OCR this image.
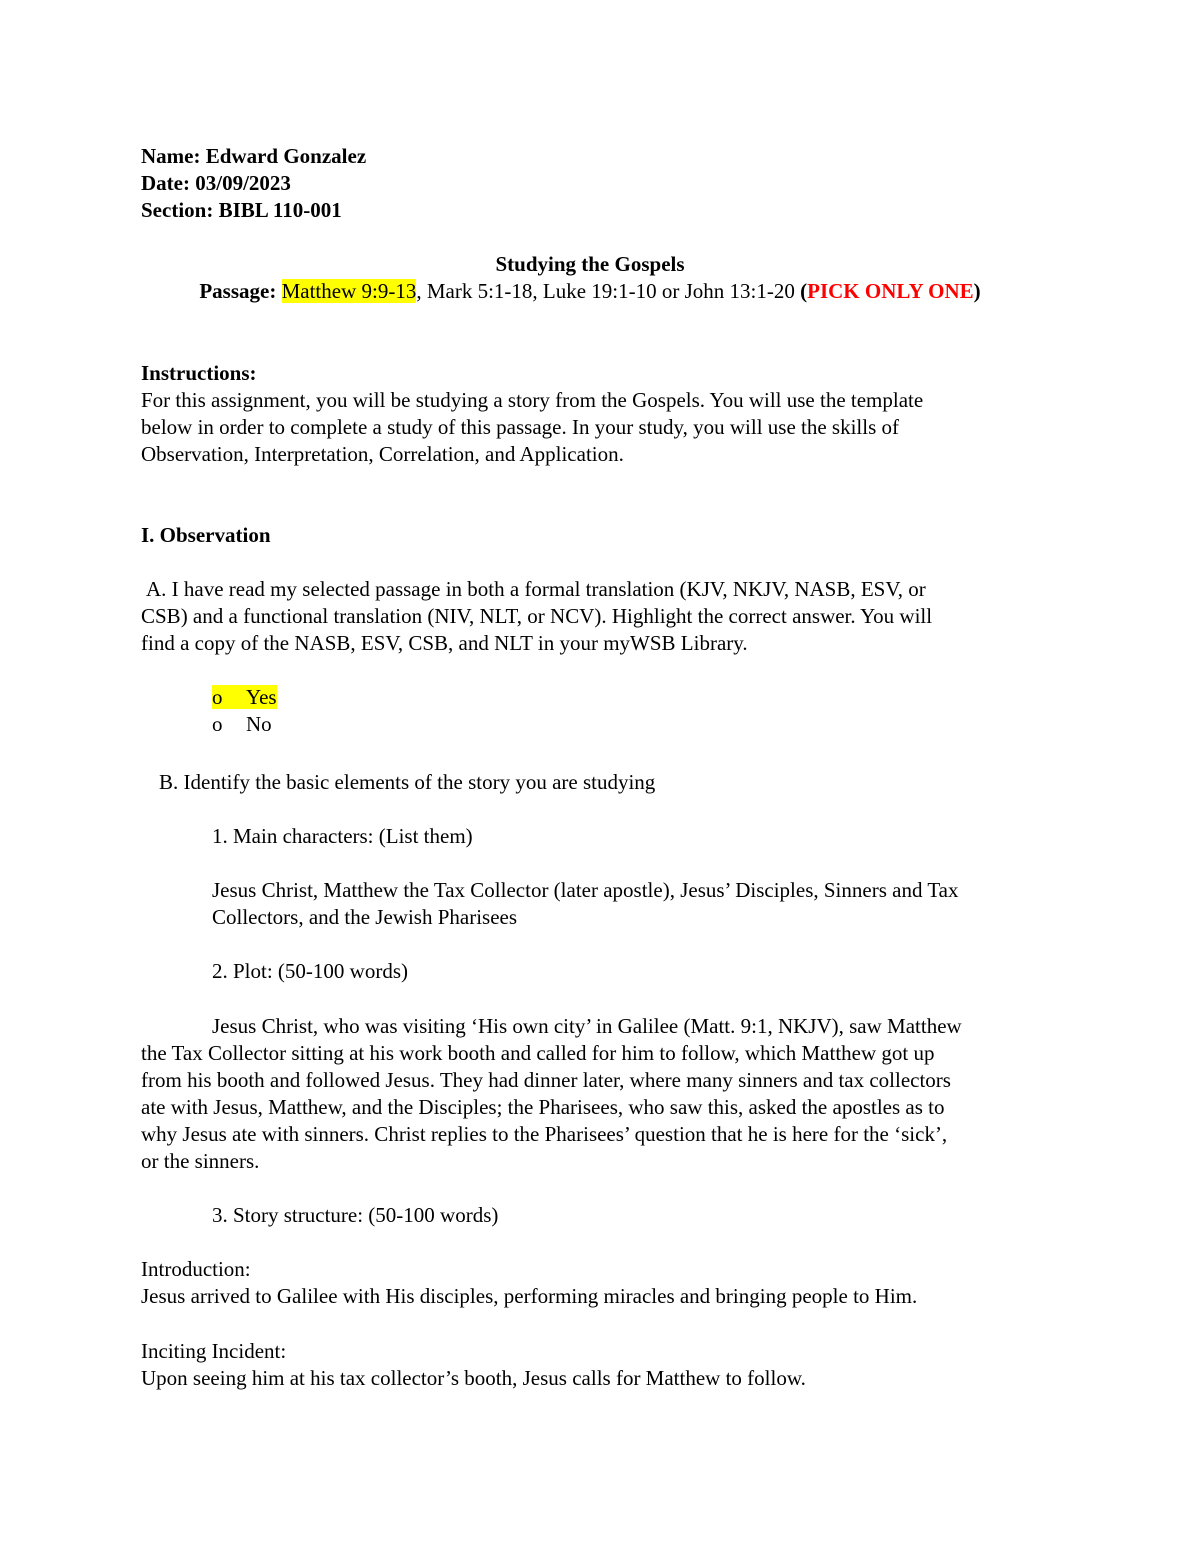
Name: Edward Gonzalez
Date: 03/09/2023
Section: BIBL 110-001
Studying the Gospels
Passage: Matthew 9:9-13, Mark 5:1-18, Luke 19:1-10 or John 13:1-20 (PICK ONLY ONE)
Instructions:
For this assignment, you will be studying a story from the Gospels. You will use the template
below in order to complete a study of this passage. In your study, you will use the skills of
Observation, Interpretation, Correlation, and Application.
I. Observation
A. I have read my selected passage in both a formal translation (KJV, NKJV, NASB, ESV, or
CSB) and a functional translation (NIV, NLT, or NCV). Highlight the correct answer. You will
find a copy of the NASB, ESV, CSB, and NLT in your myWSB Library.
o Yes
o No
B. Identify the basic elements of the story you are studying
1. Main characters: (List them)
Jesus Christ, Matthew the Tax Collector (later apostle), Jesus’ Disciples, Sinners and Tax
Collectors, and the Jewish Pharisees
2. Plot: (50-100 words)
Jesus Christ, who was visiting ‘His own city’ in Galilee (Matt. 9:1, NKJV), saw Matthew
the Tax Collector sitting at his work booth and called for him to follow, which Matthew got up
from his booth and followed Jesus. They had dinner later, where many sinners and tax collectors
ate with Jesus, Matthew, and the Disciples; the Pharisees, who saw this, asked the apostles as to
why Jesus ate with sinners. Christ replies to the Pharisees’ question that he is here for the ‘sick’,
or the sinners.
3. Story structure: (50-100 words)
Introduction:
Jesus arrived to Galilee with His disciples, performing miracles and bringing people to Him.
Inciting Incident:
Upon seeing him at his tax collector’s booth, Jesus calls for Matthew to follow.
